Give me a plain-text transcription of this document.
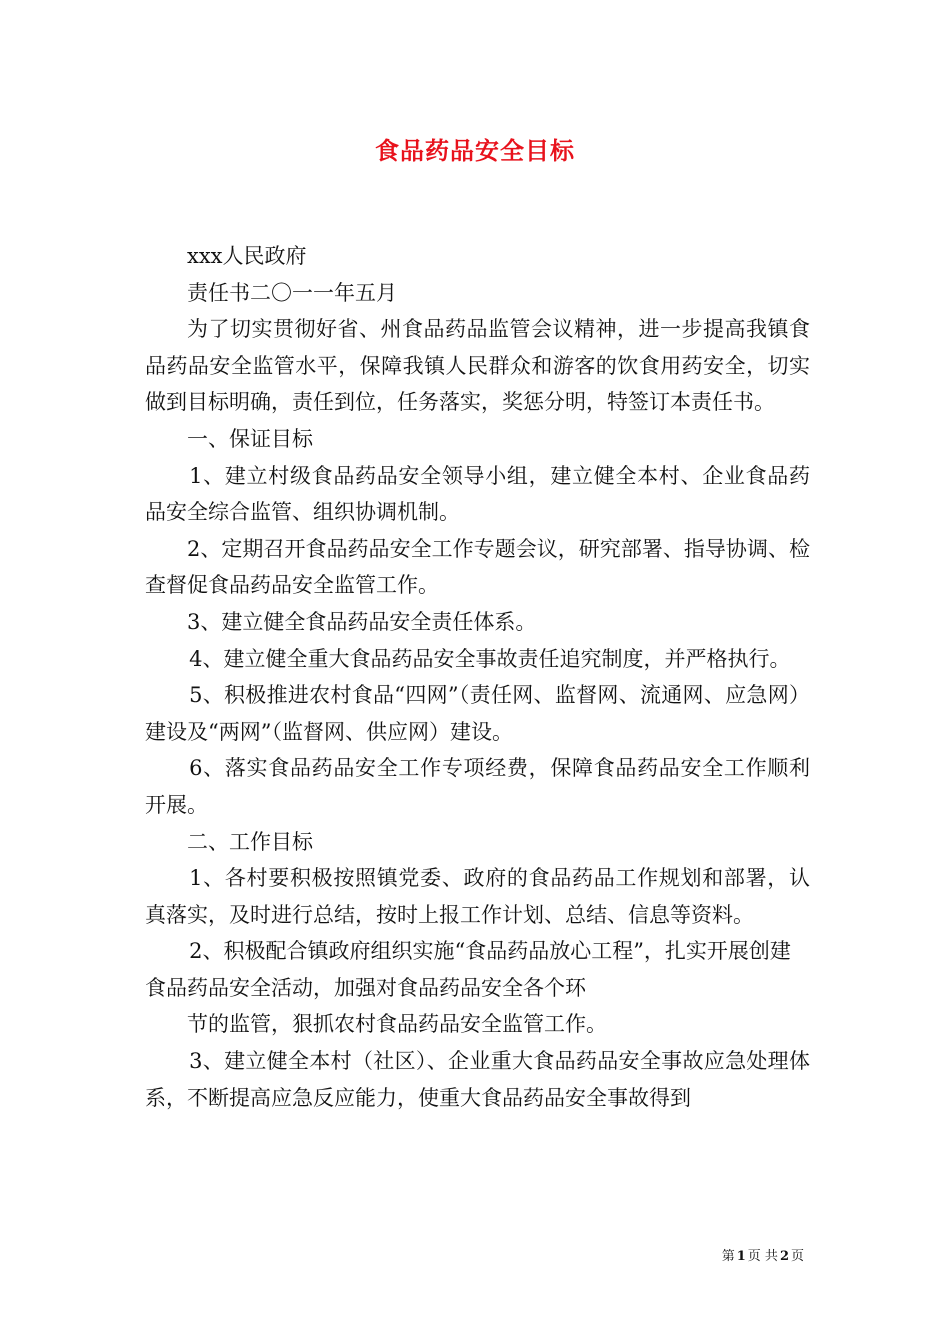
食品药品安全目标

xxx人民政府

责任书二〇一一年五月

为了切实贯彻好省、州食品药品监管会议精神，进一步提高我镇食品药品安全监管水平，保障我镇人民群众和游客的饮食用药安全，切实做到目标明确，责任到位，任务落实，奖惩分明，特签订本责任书。

一、保证目标

1、建立村级食品药品安全领导小组，建立健全本村、企业食品药品安全综合监管、组织协调机制。

2、定期召开食品药品安全工作专题会议，研究部署、指导协调、检查督促食品药品安全监管工作。

3、建立健全食品药品安全责任体系。

4、建立健全重大食品药品安全事故责任追究制度，并严格执行。

5、积极推进农村食品“四网”（责任网、监督网、流通网、应急网）建设及“两网”（监督网、供应网）建设。

6、落实食品药品安全工作专项经费，保障食品药品安全工作顺利开展。

二、工作目标

1、各村要积极按照镇党委、政府的食品药品工作规划和部署，认真落实，及时进行总结，按时上报工作计划、总结、信息等资料。

2、积极配合镇政府组织实施“食品药品放心工程”，扎实开展创建食品药品安全活动，加强对食品药品安全各个环

节的监管，狠抓农村食品药品安全监管工作。

3、建立健全本村（社区）、企业重大食品药品安全事故应急处理体系，不断提高应急反应能力，使重大食品药品安全事故得到

第 1 页 共 2 页
